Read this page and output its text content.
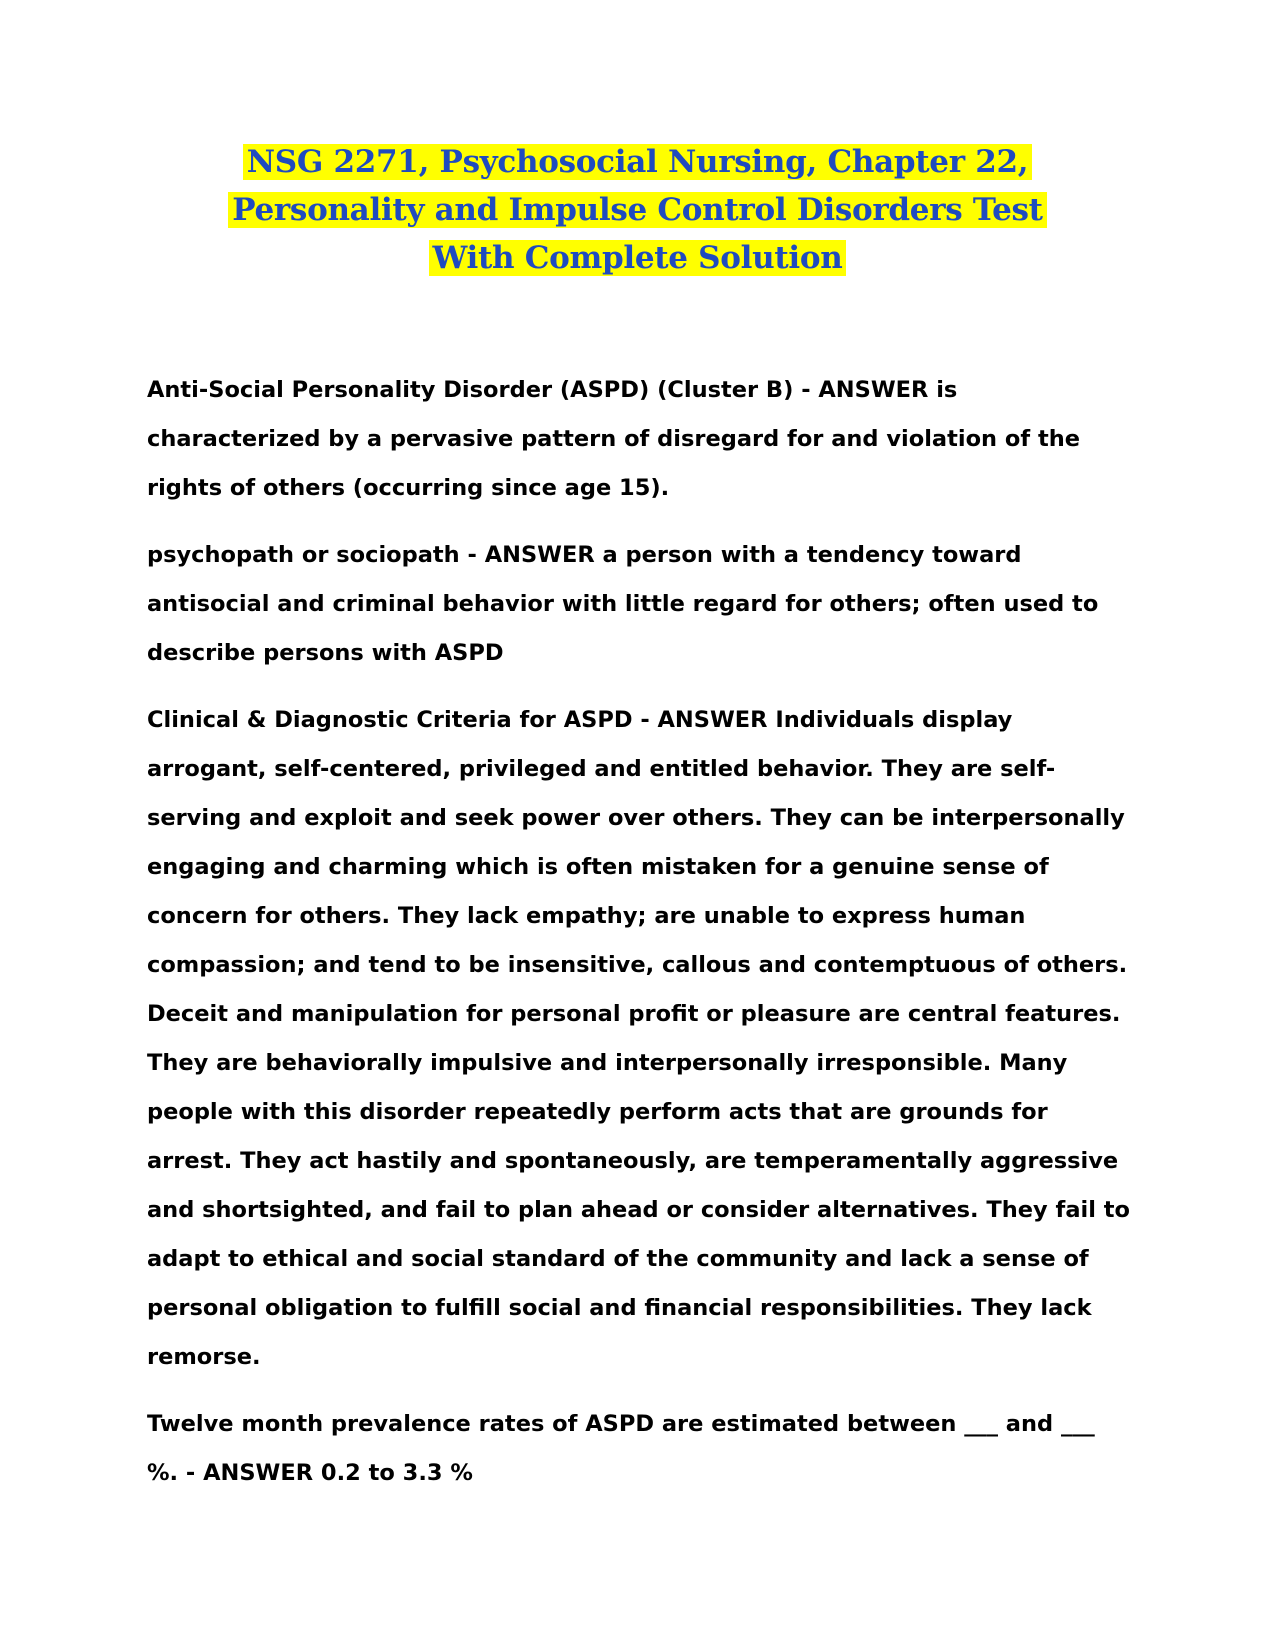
NSG 2271, Psychosocial Nursing, Chapter 22,
Personality and Impulse Control Disorders Test
With Complete Solution

Anti-Social Personality Disorder (ASPD) (Cluster B) - ANSWER is characterized by a pervasive pattern of disregard for and violation of the rights of others (occurring since age 15).

psychopath or sociopath - ANSWER a person with a tendency toward antisocial and criminal behavior with little regard for others; often used to describe persons with ASPD

Clinical & Diagnostic Criteria for ASPD - ANSWER Individuals display arrogant, self-centered, privileged and entitled behavior. They are self-serving and exploit and seek power over others. They can be interpersonally engaging and charming which is often mistaken for a genuine sense of concern for others. They lack empathy; are unable to express human compassion; and tend to be insensitive, callous and contemptuous of others. Deceit and manipulation for personal profit or pleasure are central features. They are behaviorally impulsive and interpersonally irresponsible. Many people with this disorder repeatedly perform acts that are grounds for arrest. They act hastily and spontaneously, are temperamentally aggressive and shortsighted, and fail to plan ahead or consider alternatives. They fail to adapt to ethical and social standard of the community and lack a sense of personal obligation to fulfill social and financial responsibilities. They lack remorse.

Twelve month prevalence rates of ASPD are estimated between ___ and ___ %. - ANSWER 0.2 to 3.3 %
